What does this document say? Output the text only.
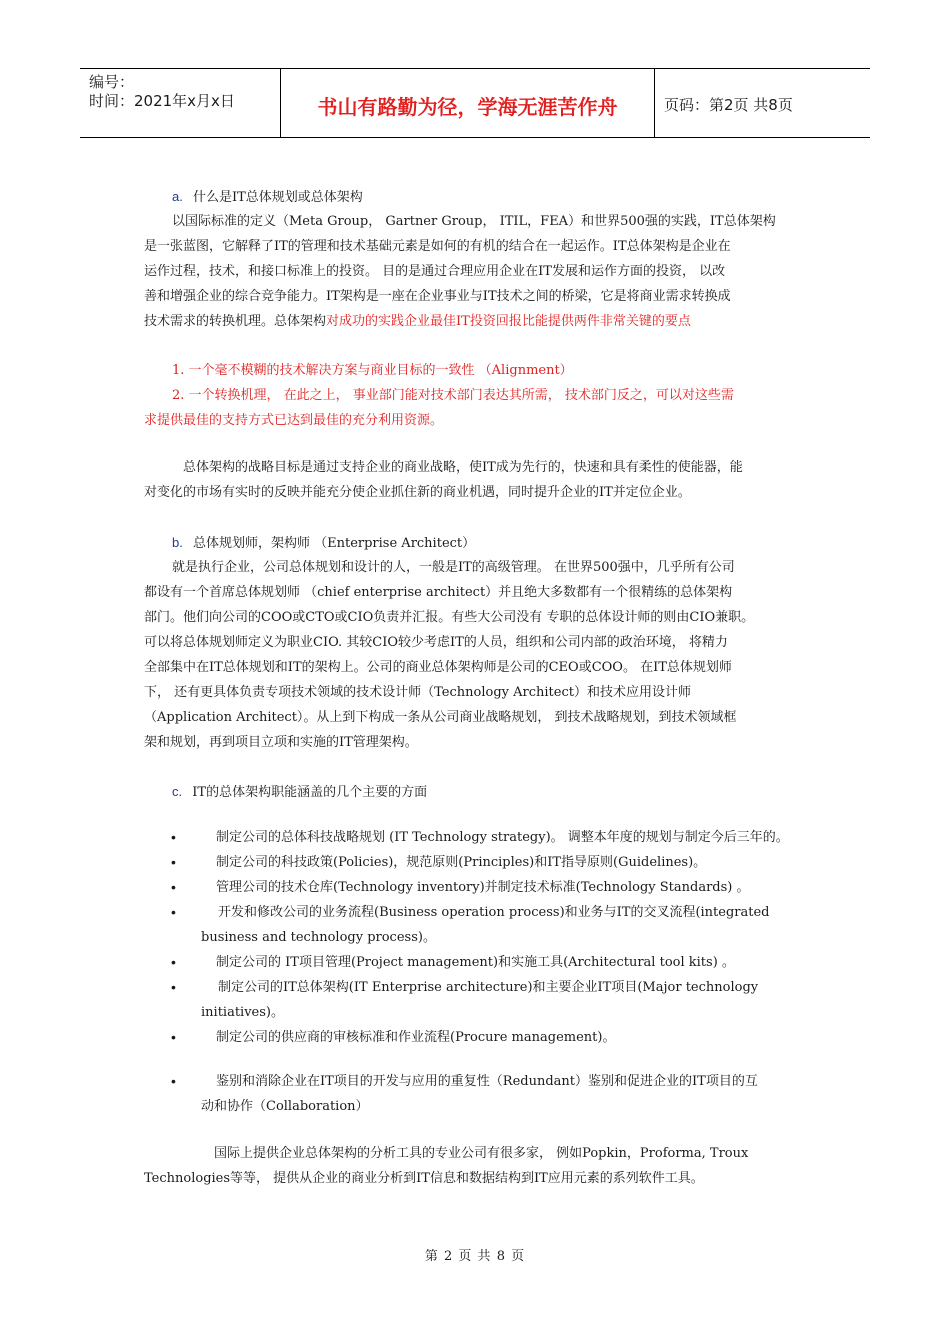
编号：
时间：2021年x月x日	书山有路勤为径，学海无涯苦作舟	页码：第2页 共8页
a. 什么是IT总体规划或总体架构
以国际标准的定义（Meta Group， Gartner Group， ITIL，FEA）和世界500强的实践，IT总体架构
是一张蓝图，它解释了IT的管理和技术基础元素是如何的有机的结合在一起运作。IT总体架构是企业在
运作过程，技术，和接口标准上的投资。 目的是通过合理应用企业在IT发展和运作方面的投资， 以改
善和增强企业的综合竞争能力。IT架构是一座在企业事业与IT技术之间的桥梁，它是将商业需求转换成
技术需求的转换机理。总体架构对成功的实践企业最佳IT投资回报比能提供两件非常关键的要点
1. 一个毫不模糊的技术解决方案与商业目标的一致性 （Alignment）
2. 一个转换机理， 在此之上， 事业部门能对技术部门表达其所需， 技术部门反之，可以对这些需
求提供最佳的支持方式已达到最佳的充分利用资源。
总体架构的战略目标是通过支持企业的商业战略，使IT成为先行的，快速和具有柔性的使能器，能
对变化的市场有实时的反映并能充分使企业抓住新的商业机遇，同时提升企业的IT并定位企业。
b. 总体规划师，架构师 （Enterprise Architect）
就是执行企业，公司总体规划和设计的人，一般是IT的高级管理。 在世界500强中，几乎所有公司
都设有一个首席总体规划师 （chief enterprise architect）并且绝大多数都有一个很精练的总体架构
部门。他们向公司的COO或CTO或CIO负责并汇报。有些大公司没有 专职的总体设计师的则由CIO兼职。
可以将总体规划师定义为职业CIO. 其较CIO较少考虑IT的人员，组织和公司内部的政治环境， 将精力
全部集中在IT总体规划和IT的架构上。公司的商业总体架构师是公司的CEO或COO。 在IT总体规划师
下， 还有更具体负责专项技术领域的技术设计师（Technology Architect）和技术应用设计师
（Application Architect）。从上到下构成一条从公司商业战略规划， 到技术战略规划，到技术领域框
架和规划，再到项目立项和实施的IT管理架构。
c. IT的总体架构职能涵盖的几个主要的方面
•	制定公司的总体科技战略规划 (IT Technology strategy)。 调整本年度的规划与制定今后三年的。
•	制定公司的科技政策(Policies)，规范原则(Principles)和IT指导原则(Guidelines)。
•	管理公司的技术仓库(Technology inventory)并制定技术标准(Technology Standards) 。
•	开发和修改公司的业务流程(Business operation process)和业务与IT的交叉流程(integrated
business and technology process)。
•	制定公司的 IT项目管理(Project management)和实施工具(Architectural tool kits) 。
•	制定公司的IT总体架构(IT Enterprise architecture)和主要企业IT项目(Major technology
initiatives)。
•	制定公司的供应商的审核标准和作业流程(Procure management)。
•	鉴别和消除企业在IT项目的开发与应用的重复性（Redundant）鉴别和促进企业的IT项目的互
动和协作（Collaboration）
国际上提供企业总体架构的分析工具的专业公司有很多家， 例如Popkin，Proforma, Troux
Technologies等等， 提供从企业的商业分析到IT信息和数据结构到IT应用元素的系列软件工具。
第 2 页 共 8 页
